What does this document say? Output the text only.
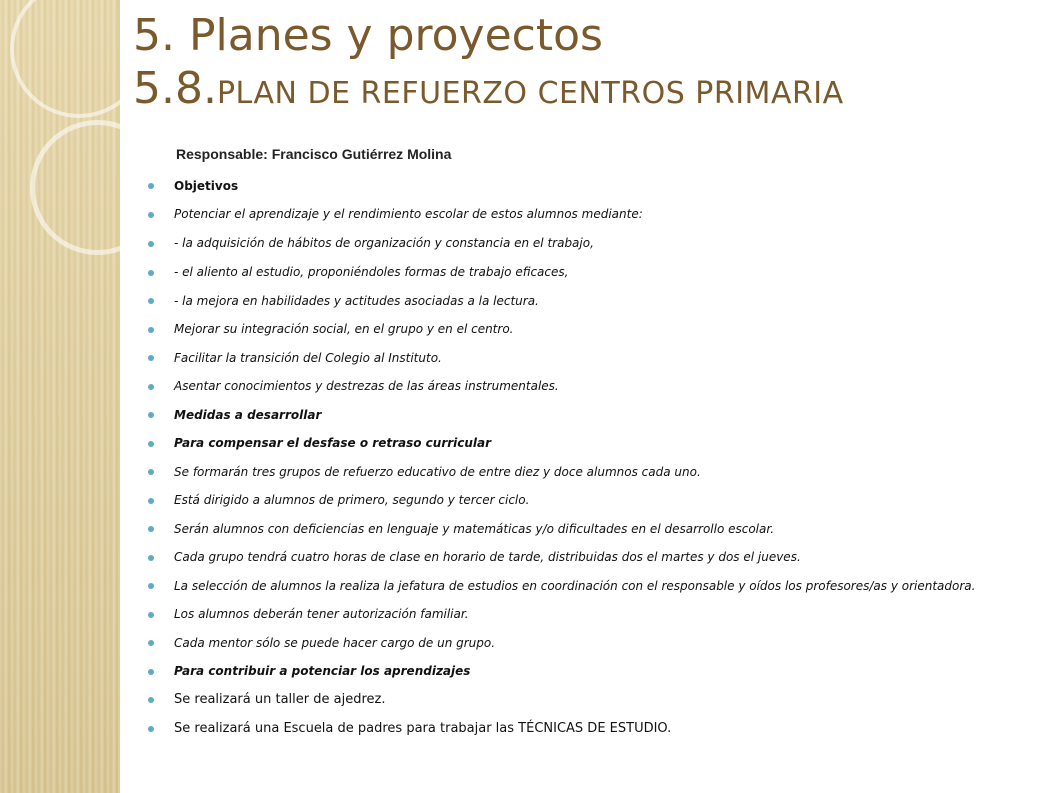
5. Planes y proyectos
5.8.PLAN DE REFUERZO CENTROS PRIMARIA
Responsable: Francisco Gutiérrez Molina
Objetivos
Potenciar el aprendizaje y el rendimiento escolar de estos alumnos mediante:
- la adquisición de hábitos de organización y constancia en el trabajo,
- el aliento al estudio, proponiéndoles formas de trabajo eficaces,
- la mejora en habilidades y actitudes asociadas a la lectura.
Mejorar su integración social, en el grupo y en el centro.
Facilitar la transición del Colegio al Instituto.
Asentar conocimientos y destrezas de las áreas instrumentales.
Medidas a desarrollar
Para compensar el desfase o retraso curricular
Se formarán tres grupos de refuerzo educativo de entre diez y doce alumnos cada uno.
Está dirigido a alumnos de primero, segundo y tercer ciclo.
Serán alumnos con deficiencias en lenguaje y matemáticas y/o dificultades en el desarrollo escolar.
Cada grupo tendrá cuatro horas de clase en horario de tarde, distribuidas dos el martes y dos el jueves.
La selección de alumnos la realiza la jefatura de estudios en coordinación con el responsable y oídos los profesores/as y orientadora.
Los alumnos deberán tener autorización familiar.
Cada mentor sólo se puede hacer cargo de un grupo.
Para contribuir a potenciar los aprendizajes
Se realizará un taller de ajedrez.
Se realizará una Escuela de padres para trabajar las TÉCNICAS DE ESTUDIO.
